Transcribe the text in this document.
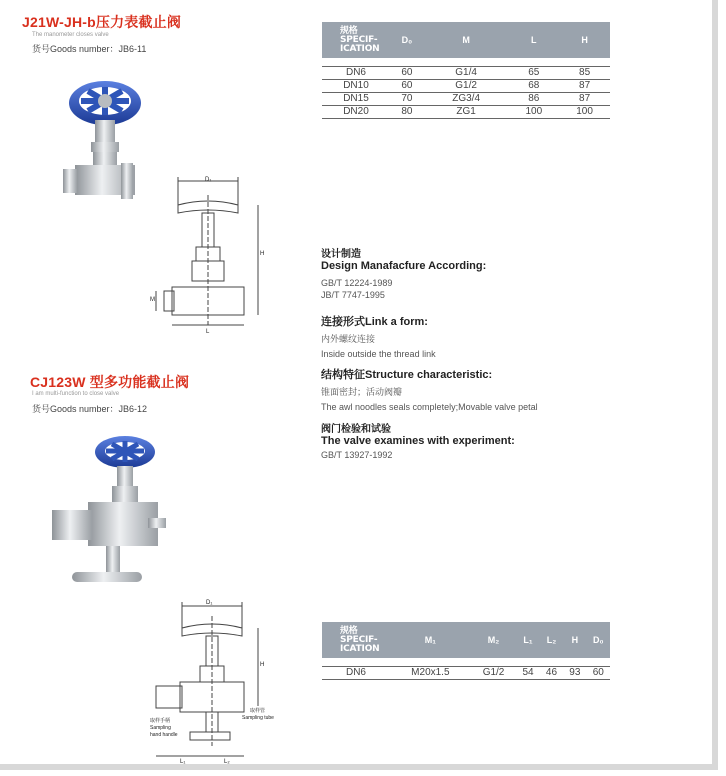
J21W-JH-b压力表截止阀
The manometer closes valve
货号Goods number：JB6-11
D₁
H
M
L
规格
SPECIF-
ICATION	D₀	M	L	H

DN6	60	G1/4	65	85
DN10	60	G1/2	68	87
DN15	70	ZG3/4	86	87
DN20	80	ZG1	100	100
设计制造
Design Manafacfure According:
GB/T 12224-1989
JB/T 7747-1995
连接形式Link a form:
内外螺纹连接
Inside outside the thread link
结构特征Structure characteristic:
锥面密封；活动阀瓣
The awl noodles seals completely;Movable valve petal
阀门检验和试验
The valve examines with experiment:
GB/T 13927-1992
CJ123W 型多功能截止阀
I am multi-function to close valve
货号Goods number：JB6-12
D₁
H
取样手柄
Sampling
hand handle
取样管
Sampling tube
L₁	L₂
规格
SPECIF-
ICATION	M₁	M₂	L₁	L₂	H	D₀

DN6	M20x1.5	G1/2	54	46	93	60
